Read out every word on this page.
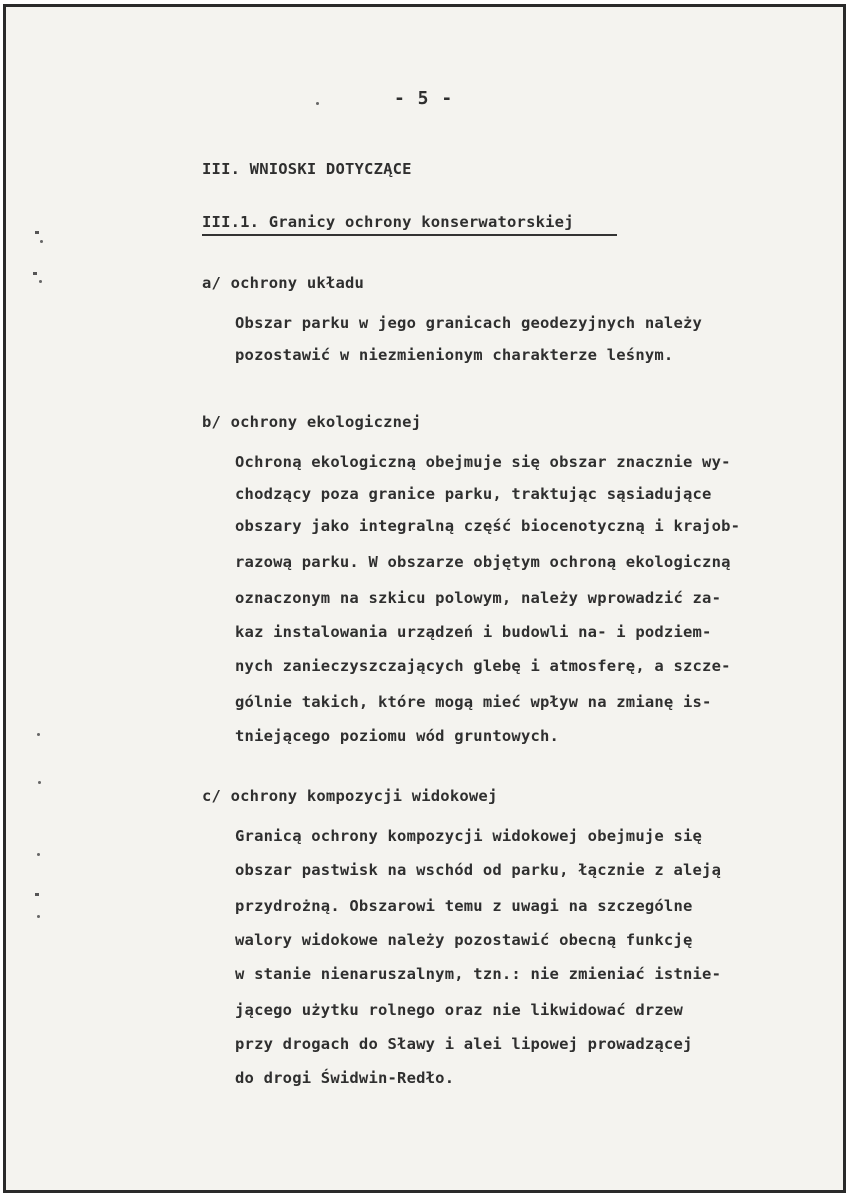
- 5 -
III. WNIOSKI DOTYCZĄCE
III.1. Granicy ochrony konserwatorskiej
a/ ochrony układu
Obszar parku w jego granicach geodezyjnych należy
pozostawić w niezmienionym charakterze leśnym.
b/ ochrony ekologicznej
Ochroną ekologiczną obejmuje się obszar znacznie wy-
chodzący poza granice parku, traktując sąsiadujące
obszary jako integralną część biocenotyczną i krajob-
razową parku. W obszarze objętym ochroną ekologiczną
oznaczonym na szkicu polowym, należy wprowadzić za-
kaz instalowania urządzeń i budowli na- i podziem-
nych zanieczyszczających glebę i atmosferę, a szcze-
gólnie takich, które mogą mieć wpływ na zmianę is-
tniejącego poziomu wód gruntowych.
c/ ochrony kompozycji widokowej
Granicą ochrony kompozycji widokowej obejmuje się
obszar pastwisk na wschód od parku, łącznie z aleją
przydrożną. Obszarowi temu z uwagi na szczególne
walory widokowe należy pozostawić obecną funkcję
w stanie nienaruszalnym, tzn.: nie zmieniać istnie-
jącego użytku rolnego oraz nie likwidować drzew
przy drogach do Sławy i alei lipowej prowadzącej
do drogi Świdwin-Redło.
